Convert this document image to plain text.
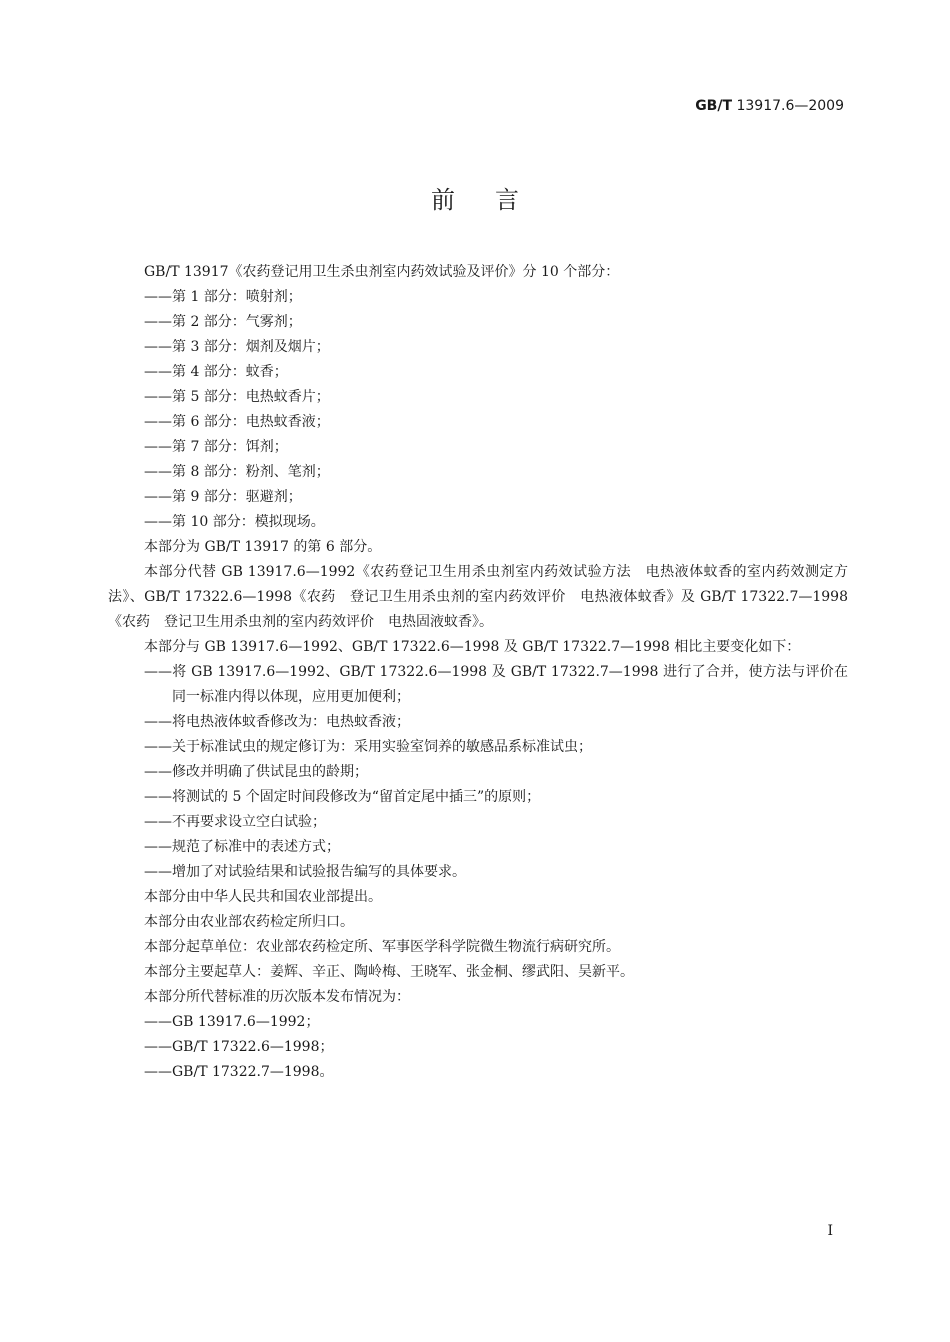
GB/T 13917.6—2009
前言

GB/T 13917《农药登记用卫生杀虫剂室内药效试验及评价》分 10 个部分：

——第 1 部分：喷射剂；

——第 2 部分：气雾剂；

——第 3 部分：烟剂及烟片；

——第 4 部分：蚊香；

——第 5 部分：电热蚊香片；

——第 6 部分：电热蚊香液；

——第 7 部分：饵剂；

——第 8 部分：粉剂、笔剂；

——第 9 部分：驱避剂；

——第 10 部分：模拟现场。

本部分为 GB/T 13917 的第 6 部分。

本部分代替 GB 13917.6—1992《农药登记卫生用杀虫剂室内药效试验方法　电热液体蚊香的室内药效测定方法》、GB/T 17322.6—1998《农药　登记卫生用杀虫剂的室内药效评价　电热液体蚊香》及 GB/T 17322.7—1998《农药　登记卫生用杀虫剂的室内药效评价　电热固液蚊香》。

本部分与 GB 13917.6—1992、GB/T 17322.6—1998 及 GB/T 17322.7—1998 相比主要变化如下：

——将 GB 13917.6—1992、GB/T 17322.6—1998 及 GB/T 17322.7—1998 进行了合并，使方法与评价在同一标准内得以体现，应用更加便利；

——将电热液体蚊香修改为：电热蚊香液；

——关于标准试虫的规定修订为：采用实验室饲养的敏感品系标准试虫；

——修改并明确了供试昆虫的龄期；

——将测试的 5 个固定时间段修改为“留首定尾中插三”的原则；

——不再要求设立空白试验；

——规范了标准中的表述方式；

——增加了对试验结果和试验报告编写的具体要求。

本部分由中华人民共和国农业部提出。

本部分由农业部农药检定所归口。

本部分起草单位：农业部农药检定所、军事医学科学院微生物流行病研究所。

本部分主要起草人：姜辉、辛正、陶岭梅、王晓军、张金桐、缪武阳、吴新平。

本部分所代替标准的历次版本发布情况为：

——GB 13917.6—1992；

——GB/T 17322.6—1998；

——GB/T 17322.7—1998。

I
